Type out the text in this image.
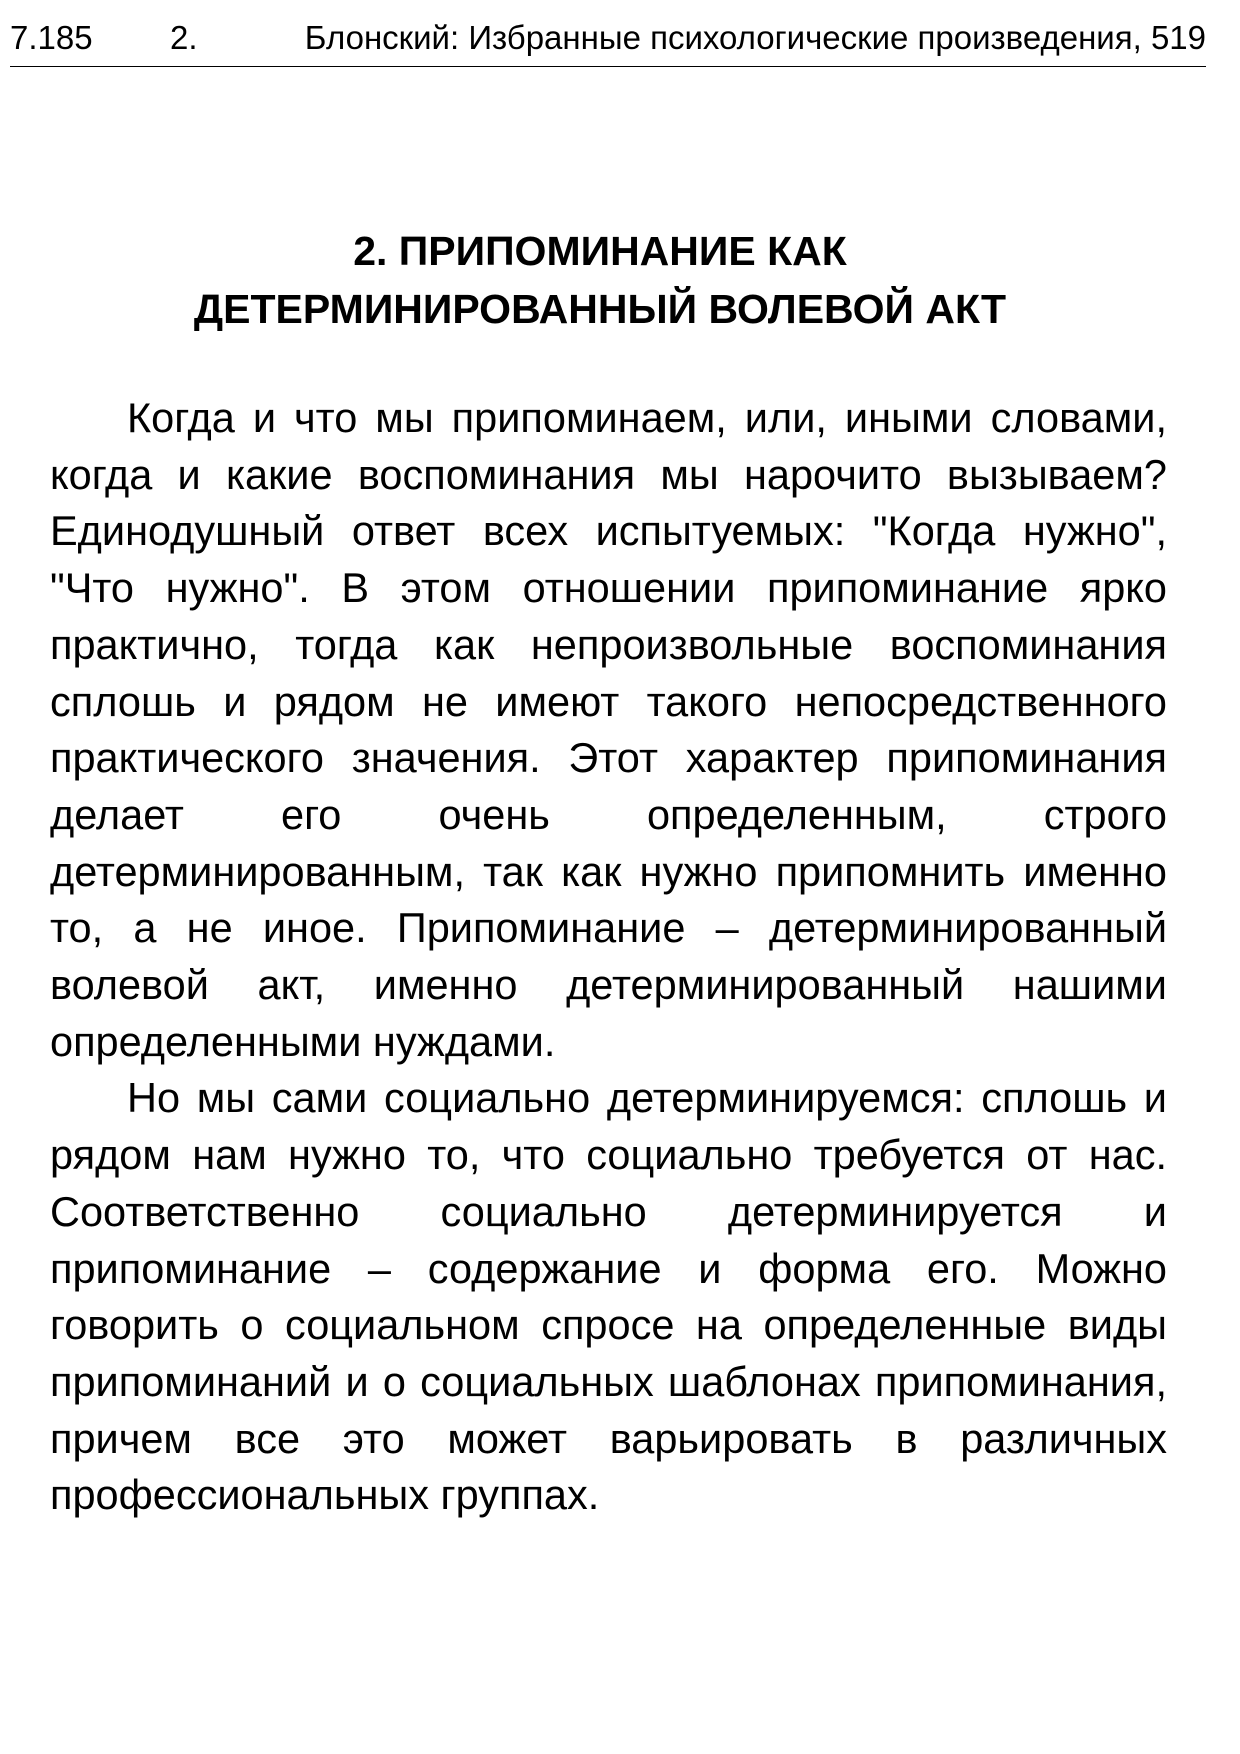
7.185 2.	Блонский: Избранные психологические произведения, 519
2. ПРИПОМИНАНИЕ КАК
ДЕТЕРМИНИРОВАННЫЙ ВОЛЕВОЙ АКТ

Когда и что мы припоминаем, или, иными словами, когда и какие воспоминания мы нарочито вызываем? Единодушный ответ всех испытуемых: "Когда нужно", "Что нужно". В этом отношении припоминание ярко практично, тогда как непроизвольные воспоминания сплошь и рядом не имеют такого непосредственного практического значения. Этот характер припоминания делает его очень определенным, строго детерминированным, так как нужно припомнить именно то, а не иное. Припоминание – детерминированный волевой акт, именно детерминированный нашими определенными нуждами.

Но мы сами социально детерминируемся: сплошь и рядом нам нужно то, что социально требуется от нас. Соответственно социально детерминируется и припоминание – содержание и форма его. Можно говорить о социальном спросе на определенные виды припоминаний и о социальных шаблонах припоминания, причем все это может варьировать в различных профессиональных группах.
